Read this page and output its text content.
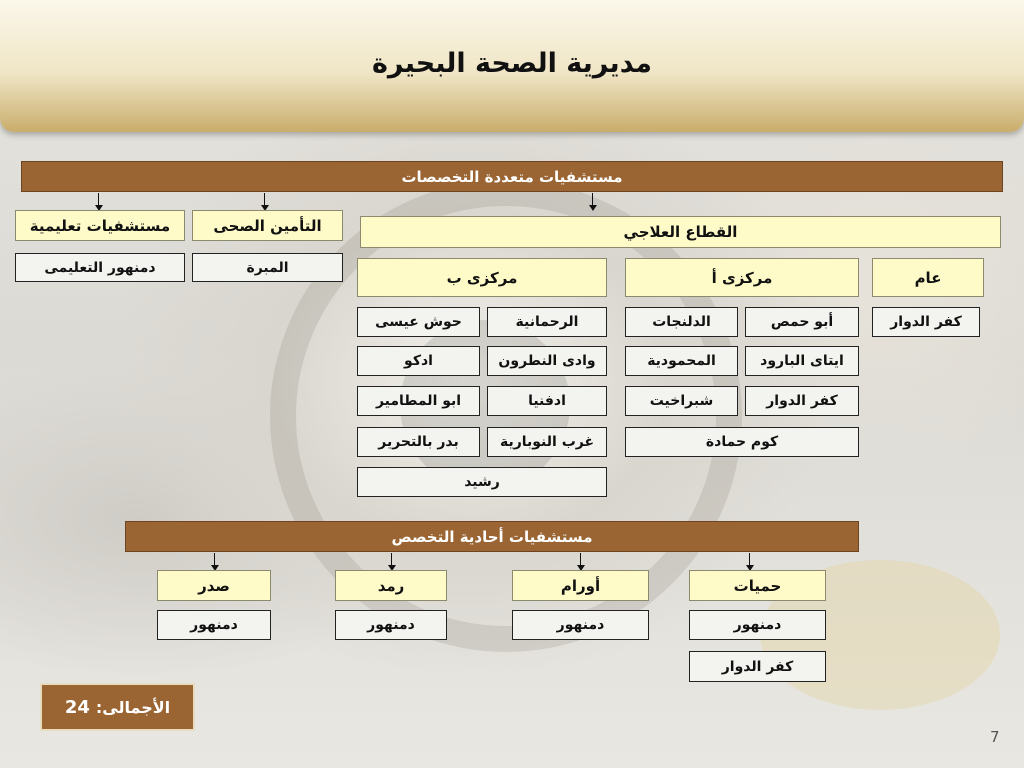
مديرية الصحة البحيرة
مستشفيات متعددة التخصصات
مستشفيات تعليمية
دمنهور التعليمى
التأمين الصحى
المبرة
القطاع العلاجي
عام
كفر الدوار
مركزى أ
أبو حمص
الدلنجات
ايتاى البارود
المحمودية
كفر الدوار
شبراخيت
كوم حمادة
مركزى ب
الرحمانية
حوش عيسى
وادى النطرون
ادكو
ادفنيا
ابو المطامير
غرب النوبارية
بدر بالتحرير
رشيد
مستشفيات أحادية التخصص
حميات
دمنهور
كفر الدوار
أورام
دمنهور
رمد
دمنهور
صدر
دمنهور
الأجمالى:
24
7
